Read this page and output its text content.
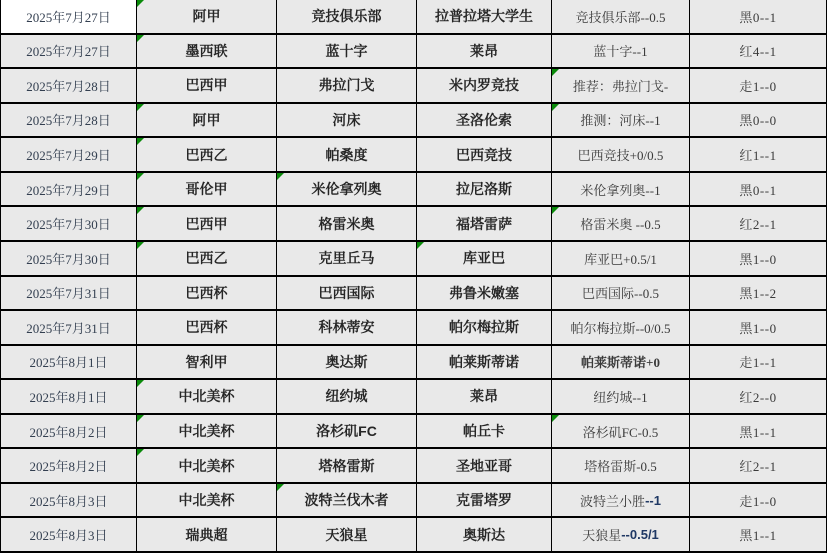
2025年7月27日	阿甲	竞技俱乐部	拉普拉塔大学生	竞技俱乐部--0.5	黑0--1
2025年7月27日	墨西联	蓝十字	莱昂	蓝十字--1	红4--1
2025年7月28日	巴西甲	弗拉门戈	米内罗竞技	推荐：弗拉门戈-	走1--0
2025年7月28日	阿甲	河床	圣洛伦索	推测：河床--1	黑0--0
2025年7月29日	巴西乙	帕桑度	巴西竞技	巴西竞技+0/0.5	红1--1
2025年7月29日	哥伦甲	米伦拿列奥	拉尼洛斯	米伦拿列奥--1	黑0--1
2025年7月30日	巴西甲	格雷米奥	福塔雷萨	格雷米奥 --0.5	红2--1
2025年7月30日	巴西乙	克里丘马	库亚巴	库亚巴+0.5/1	黑1--0
2025年7月31日	巴西杯	巴西国际	弗鲁米嫩塞	巴西国际--0.5	黑1--2
2025年7月31日	巴西杯	科林蒂安	帕尔梅拉斯	帕尔梅拉斯--0/0.5	黑1--0
2025年8月1日	智利甲	奥达斯	帕莱斯蒂诺	帕莱斯蒂诺+0	走1--1
2025年8月1日	中北美杯	纽约城	莱昂	纽约城--1	红2--0
2025年8月2日	中北美杯	洛杉矶FC	帕丘卡	洛杉矶FC-0.5	黑1--1
2025年8月2日	中北美杯	塔格雷斯	圣地亚哥	塔格雷斯-0.5	红2--1
2025年8月3日	中北美杯	波特兰伐木者	克雷塔罗	波特兰小胜 --1	走1--0
2025年8月3日	瑞典超	天狼星	奥斯达	天狼星 --0.5/1	黑1--1
